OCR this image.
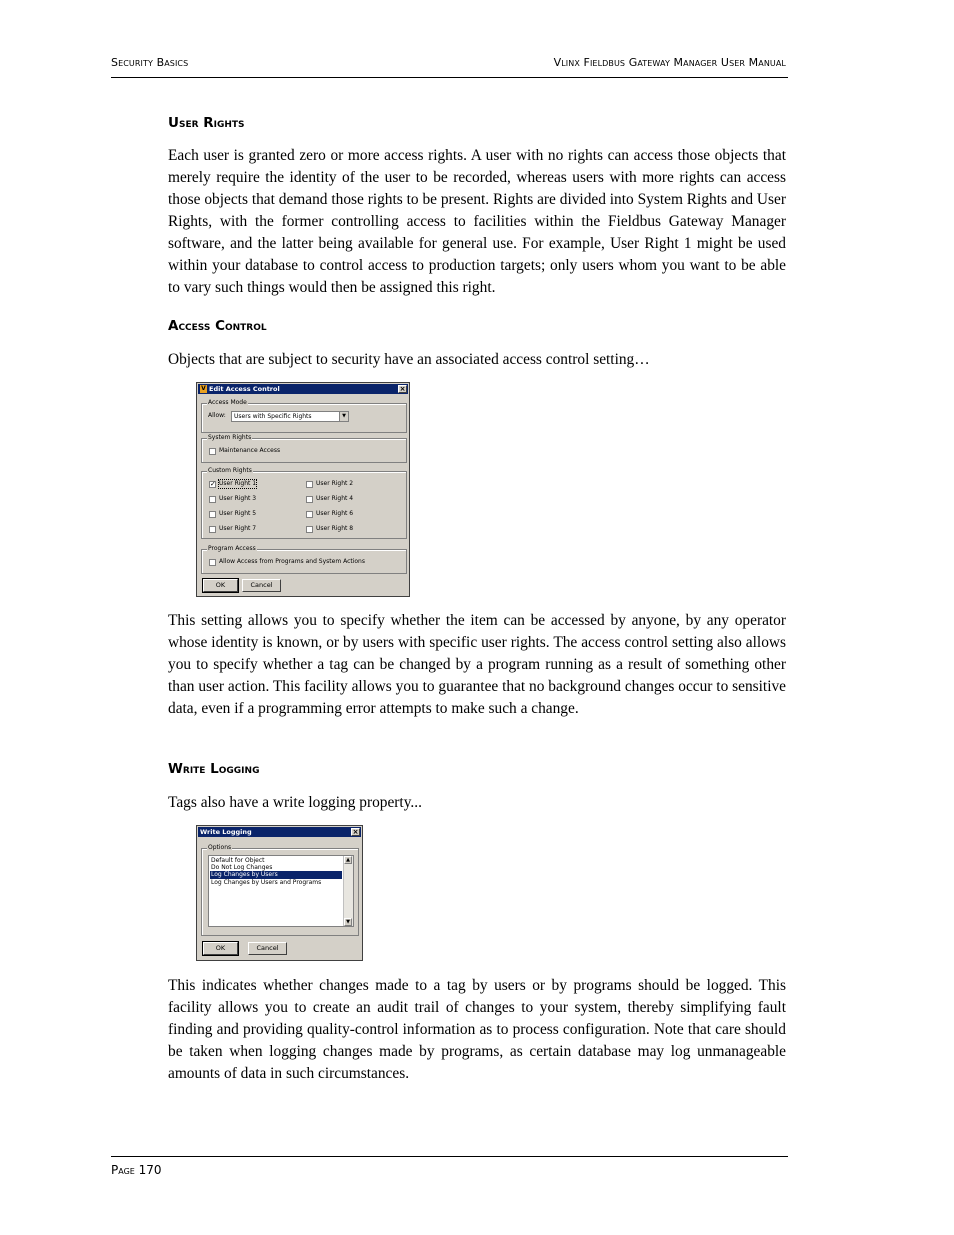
Security Basics	Vlinx Fieldbus Gateway Manager User Manual
User Rights

Each user is granted zero or more access rights. A user with no rights can access those objects that merely require the identity of the user to be recorded, whereas users with more rights can access those objects that demand those rights to be present. Rights are divided into System Rights and User Rights, with the former controlling access to facilities within the Fieldbus Gateway Manager software, and the latter being available for general use. For example, User Right 1 might be used within your database to control access to production targets; only users whom you want to be able to vary such things would then be assigned this right.

Access Control

Objects that are subject to security have an associated access control setting…

V Edit Access Control	×
Access Mode
Allow:	Users with Specific Rights	▼
System Rights
Maintenance Access
Custom Rights
✓ User Right 1	User Right 2
User Right 3	User Right 4
User Right 5	User Right 6
User Right 7	User Right 8
Program Access
Allow Access from Programs and System Actions
OK	Cancel

This setting allows you to specify whether the item can be accessed by anyone, by any operator whose identity is known, or by users with specific user rights. The access control setting also allows you to specify whether a tag can be changed by a program running as a result of something other than user action. This facility allows you to guarantee that no background changes occur to sensitive data, even if a programming error attempts to make such a change.

Write Logging

Tags also have a write logging property...

Write Logging	×
Options
Default for Object
Do Not Log Changes
Log Changes by Users
Log Changes by Users and Programs
▲
▼
OK	Cancel

This indicates whether changes made to a tag by users or by programs should be logged. This facility allows you to create an audit trail of changes to your system, thereby simplifying fault finding and providing quality-control information as to process configuration. Note that care should be taken when logging changes made by programs, as certain database may log unmanageable amounts of data in such circumstances.

Page 170
